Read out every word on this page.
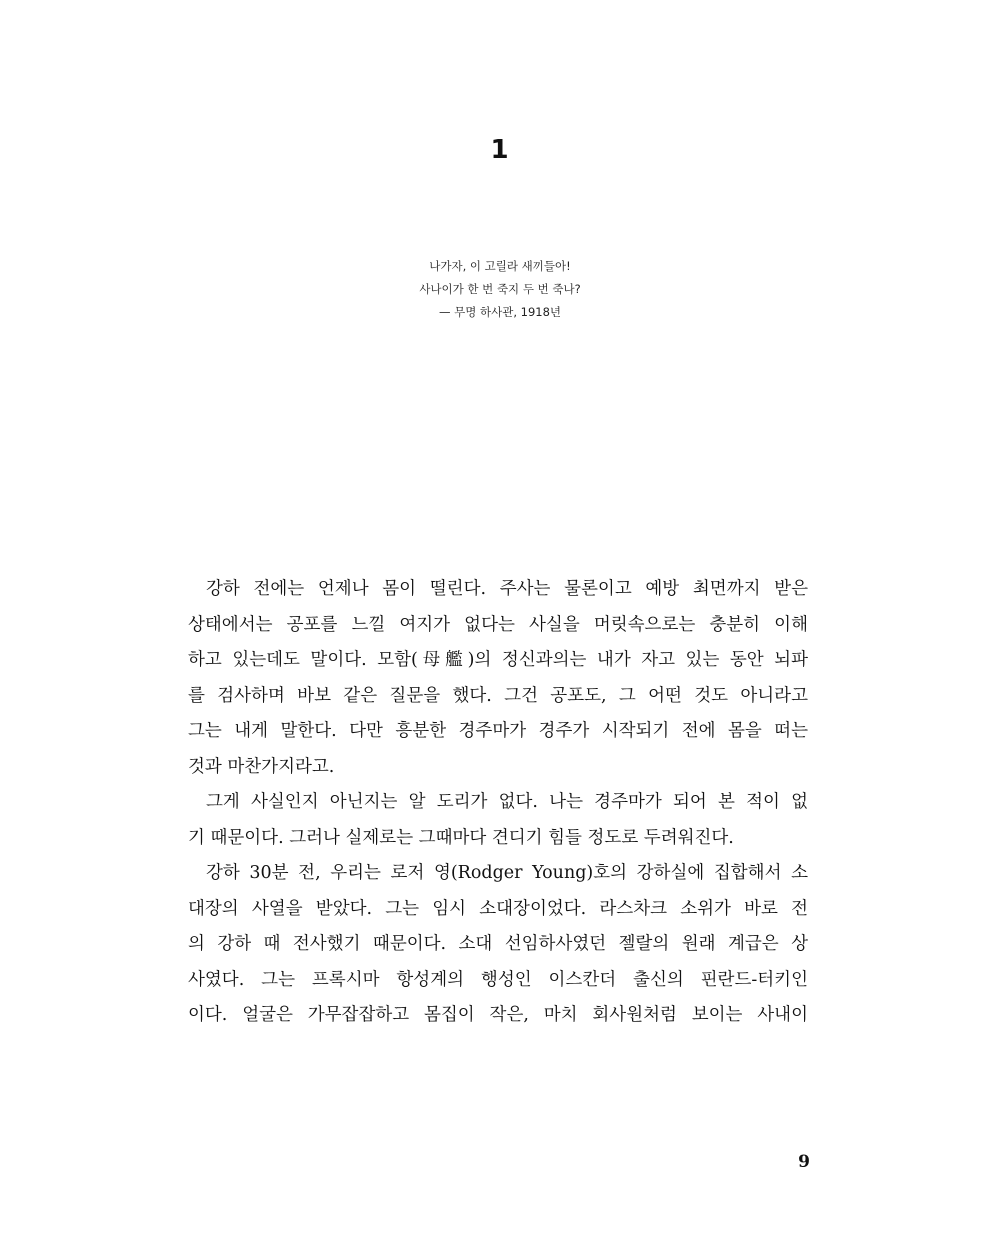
1
나가자, 이 고릴라 새끼들아!
사나이가 한 번 죽지 두 번 죽나?
— 무명 하사관, 1918년
강하 전에는 언제나 몸이 떨린다. 주사는 물론이고 예방 최면까지 받은
상태에서는 공포를 느낄 여지가 없다는 사실을 머릿속으로는 충분히 이해
하고 있는데도 말이다. 모함(母艦)의 정신과의는 내가 자고 있는 동안 뇌파
를 검사하며 바보 같은 질문을 했다. 그건 공포도, 그 어떤 것도 아니라고
그는 내게 말한다. 다만 흥분한 경주마가 경주가 시작되기 전에 몸을 떠는
것과 마찬가지라고.
그게 사실인지 아닌지는 알 도리가 없다. 나는 경주마가 되어 본 적이 없
기 때문이다. 그러나 실제로는 그때마다 견디기 힘들 정도로 두려워진다.
강하 30분 전, 우리는 로저 영(Rodger Young)호의 강하실에 집합해서 소
대장의 사열을 받았다. 그는 임시 소대장이었다. 라스차크 소위가 바로 전
의 강하 때 전사했기 때문이다. 소대 선임하사였던 젤랄의 원래 계급은 상
사였다. 그는 프록시마 항성계의 행성인 이스칸더 출신의 핀란드-터키인
이다. 얼굴은 가무잡잡하고 몸집이 작은, 마치 회사원처럼 보이는 사내이
9
